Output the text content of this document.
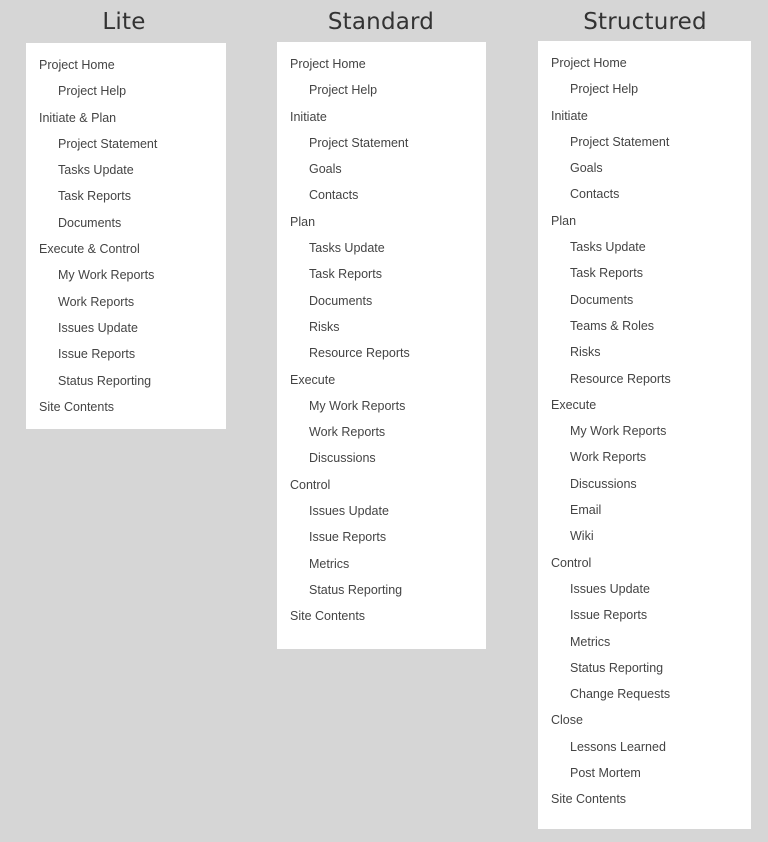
Lite	Standard	Structured
Project Home
Project Help
Initiate & Plan
Project Statement
Tasks Update
Task Reports
Documents
Execute & Control
My Work Reports
Work Reports
Issues Update
Issue Reports
Status Reporting
Site Contents
Project Home
Project Help
Initiate
Project Statement
Goals
Contacts
Plan
Tasks Update
Task Reports
Documents
Risks
Resource Reports
Execute
My Work Reports
Work Reports
Discussions
Control
Issues Update
Issue Reports
Metrics
Status Reporting
Site Contents
Project Home
Project Help
Initiate
Project Statement
Goals
Contacts
Plan
Tasks Update
Task Reports
Documents
Teams & Roles
Risks
Resource Reports
Execute
My Work Reports
Work Reports
Discussions
Email
Wiki
Control
Issues Update
Issue Reports
Metrics
Status Reporting
Change Requests
Close
Lessons Learned
Post Mortem
Site Contents
